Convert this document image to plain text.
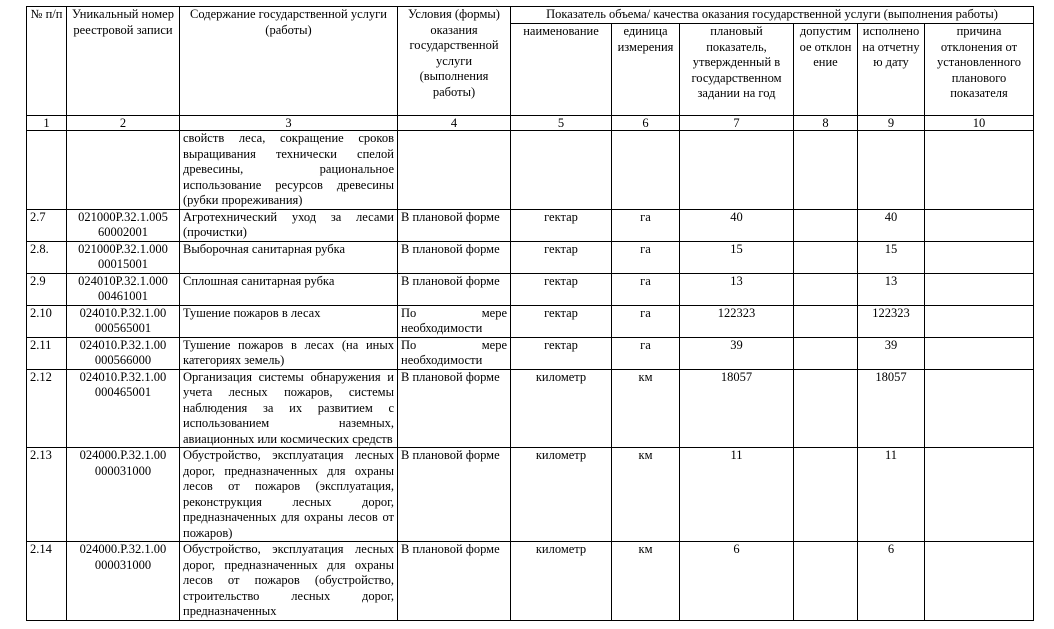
№ п/п	Уникальный номер реестровой записи	Содержание государственной услуги (работы)	Условия (формы) оказания государственной услуги (выполнения работы)	Показатель объема/ качества оказания государственной услуги (выполнения работы)					
				наименование	единица измерения	плановый показатель, утвержденный в государственном задании на год	допустимое отклонение	исполнено на отчетную дату	причина отклонения от установленного планового показателя
1	2	3	4	5	6	7	8	9	10
		свойств леса, сокращение сроков выращивания технически спелой древесины, рациональное использование ресурсов древесины (рубки прореживания)							
2.7	021000Р.32.1.005 60002001	Агротехнический уход за лесами (прочистки)	В плановой форме	гектар	га	40		40	
2.8.	021000Р.32.1.000 00015001	Выборочная санитарная рубка	В плановой форме	гектар	га	15		15	
2.9	024010Р.32.1.000 00461001	Сплошная санитарная рубка	В плановой форме	гектар	га	13		13	
2.10	024010.Р.32.1.00 000565001	Тушение пожаров в лесах	По мере необходимости	гектар	га	122323		122323	
2.11	024010.Р.32.1.00 000566000	Тушение пожаров в лесах (на иных категориях земель)	По мере необходимости	гектар	га	39		39	
2.12	024010.Р.32.1.00 000465001	Организация системы обнаружения и учета лесных пожаров, системы наблюдения за их развитием с использованием наземных, авиационных или космических средств	В плановой форме	километр	км	18057		18057	
2.13	024000.Р.32.1.00 000031000	Обустройство, эксплуатация лесных дорог, предназначенных для охраны лесов от пожаров (эксплуатация, реконструкция лесных дорог, предназначенных для охраны лесов от пожаров)	В плановой форме	километр	км	11		11	
2.14	024000.Р.32.1.00 000031000	Обустройство, эксплуатация лесных дорог, предназначенных для охраны лесов от пожаров (обустройство, строительство лесных дорог, предназначенных	В плановой форме	километр	км	6		6	
